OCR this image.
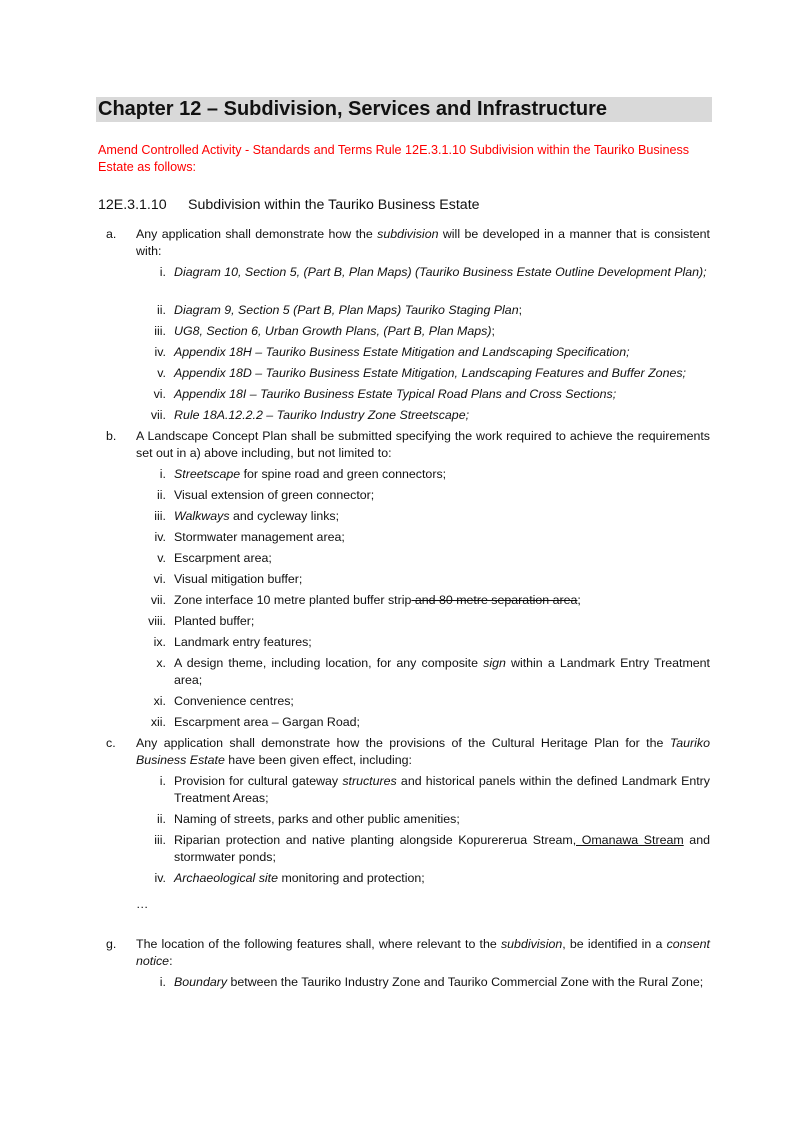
Chapter 12 – Subdivision, Services and Infrastructure
Amend Controlled Activity - Standards and Terms Rule 12E.3.1.10 Subdivision within the Tauriko Business Estate as follows:
12E.3.1.10 Subdivision within the Tauriko Business Estate
a. Any application shall demonstrate how the subdivision will be developed in a manner that is consistent with:
i. Diagram 10, Section 5, (Part B, Plan Maps) (Tauriko Business Estate Outline Development Plan);
ii. Diagram 9, Section 5 (Part B, Plan Maps) Tauriko Staging Plan;
iii. UG8, Section 6, Urban Growth Plans, (Part B, Plan Maps);
iv. Appendix 18H – Tauriko Business Estate Mitigation and Landscaping Specification;
v. Appendix 18D – Tauriko Business Estate Mitigation, Landscaping Features and Buffer Zones;
vi. Appendix 18I – Tauriko Business Estate Typical Road Plans and Cross Sections;
vii. Rule 18A.12.2.2 – Tauriko Industry Zone Streetscape;
b. A Landscape Concept Plan shall be submitted specifying the work required to achieve the requirements set out in a) above including, but not limited to:
i. Streetscape for spine road and green connectors;
ii. Visual extension of green connector;
iii. Walkways and cycleway links;
iv. Stormwater management area;
v. Escarpment area;
vi. Visual mitigation buffer;
vii. Zone interface 10 metre planted buffer strip and 80 metre separation area;
viii. Planted buffer;
ix. Landmark entry features;
x. A design theme, including location, for any composite sign within a Landmark Entry Treatment area;
xi. Convenience centres;
xii. Escarpment area – Gargan Road;
c. Any application shall demonstrate how the provisions of the Cultural Heritage Plan for the Tauriko Business Estate have been given effect, including:
i. Provision for cultural gateway structures and historical panels within the defined Landmark Entry Treatment Areas;
ii. Naming of streets, parks and other public amenities;
iii. Riparian protection and native planting alongside Kopurererua Stream, Omanawa Stream and stormwater ponds;
iv. Archaeological site monitoring and protection;
…
g. The location of the following features shall, where relevant to the subdivision, be identified in a consent notice:
i. Boundary between the Tauriko Industry Zone and Tauriko Commercial Zone with the Rural Zone;
